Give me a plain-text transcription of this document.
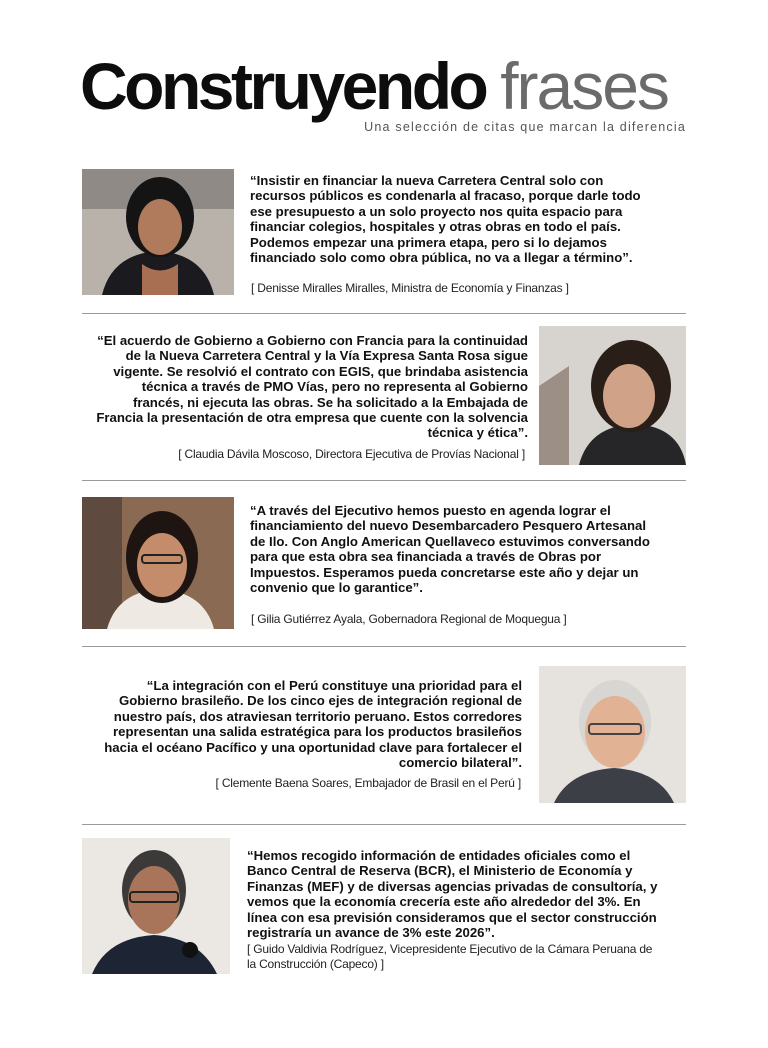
Construyendo frases
Una selección de citas que marcan la diferencia

“Insistir en financiar la nueva Carretera Central solo con recursos públicos es condenarla al fracaso, porque darle todo ese presupuesto a un solo proyecto nos quita espacio para financiar colegios, hospitales y otras obras en todo el país. Podemos empezar una primera etapa, pero si lo dejamos financiado solo como obra pública, no va a llegar a término”.

[ Denisse Miralles Miralles, Ministra de Economía y Finanzas ]

“El acuerdo de Gobierno a Gobierno con Francia para la continuidad de la Nueva Carretera Central y la Vía Expresa Santa Rosa sigue vigente. Se resolvió el contrato con EGIS, que brindaba asistencia técnica a través de PMO Vías, pero no representa al Gobierno francés, ni ejecuta las obras. Se ha solicitado a la Embajada de Francia la presentación de otra empresa que cuente con la solvencia técnica y ética”.

[ Claudia Dávila Moscoso, Directora Ejecutiva de Provías Nacional ]

“A través del Ejecutivo hemos puesto en agenda lograr el financiamiento del nuevo Desembarcadero Pesquero Artesanal de Ilo. Con Anglo American Quellaveco estuvimos conversando para que esta obra sea financiada a través de Obras por Impuestos. Esperamos pueda concretarse este año y dejar un convenio que lo garantice”.

[ Gilia Gutiérrez Ayala, Gobernadora Regional de Moquegua ]

“La integración con el Perú constituye una prioridad para el Gobierno brasileño. De los cinco ejes de integración regional de nuestro país, dos atraviesan territorio peruano. Estos corredores representan una salida estratégica para los productos brasileños hacia el océano Pacífico y una oportunidad clave para fortalecer el comercio bilateral”.

[ Clemente Baena Soares, Embajador de Brasil en el Perú ]

“Hemos recogido información de entidades oficiales como el Banco Central de Reserva (BCR), el Ministerio de Economía y Finanzas (MEF) y de diversas agencias privadas de consultoría, y vemos que la economía crecería este año alrededor del 3%. En línea con esa previsión consideramos que el sector construcción registraría un avance de 3% este 2026”.

[ Guido Valdivia Rodríguez, Vicepresidente Ejecutivo de la Cámara Peruana de la Construcción (Capeco) ]
